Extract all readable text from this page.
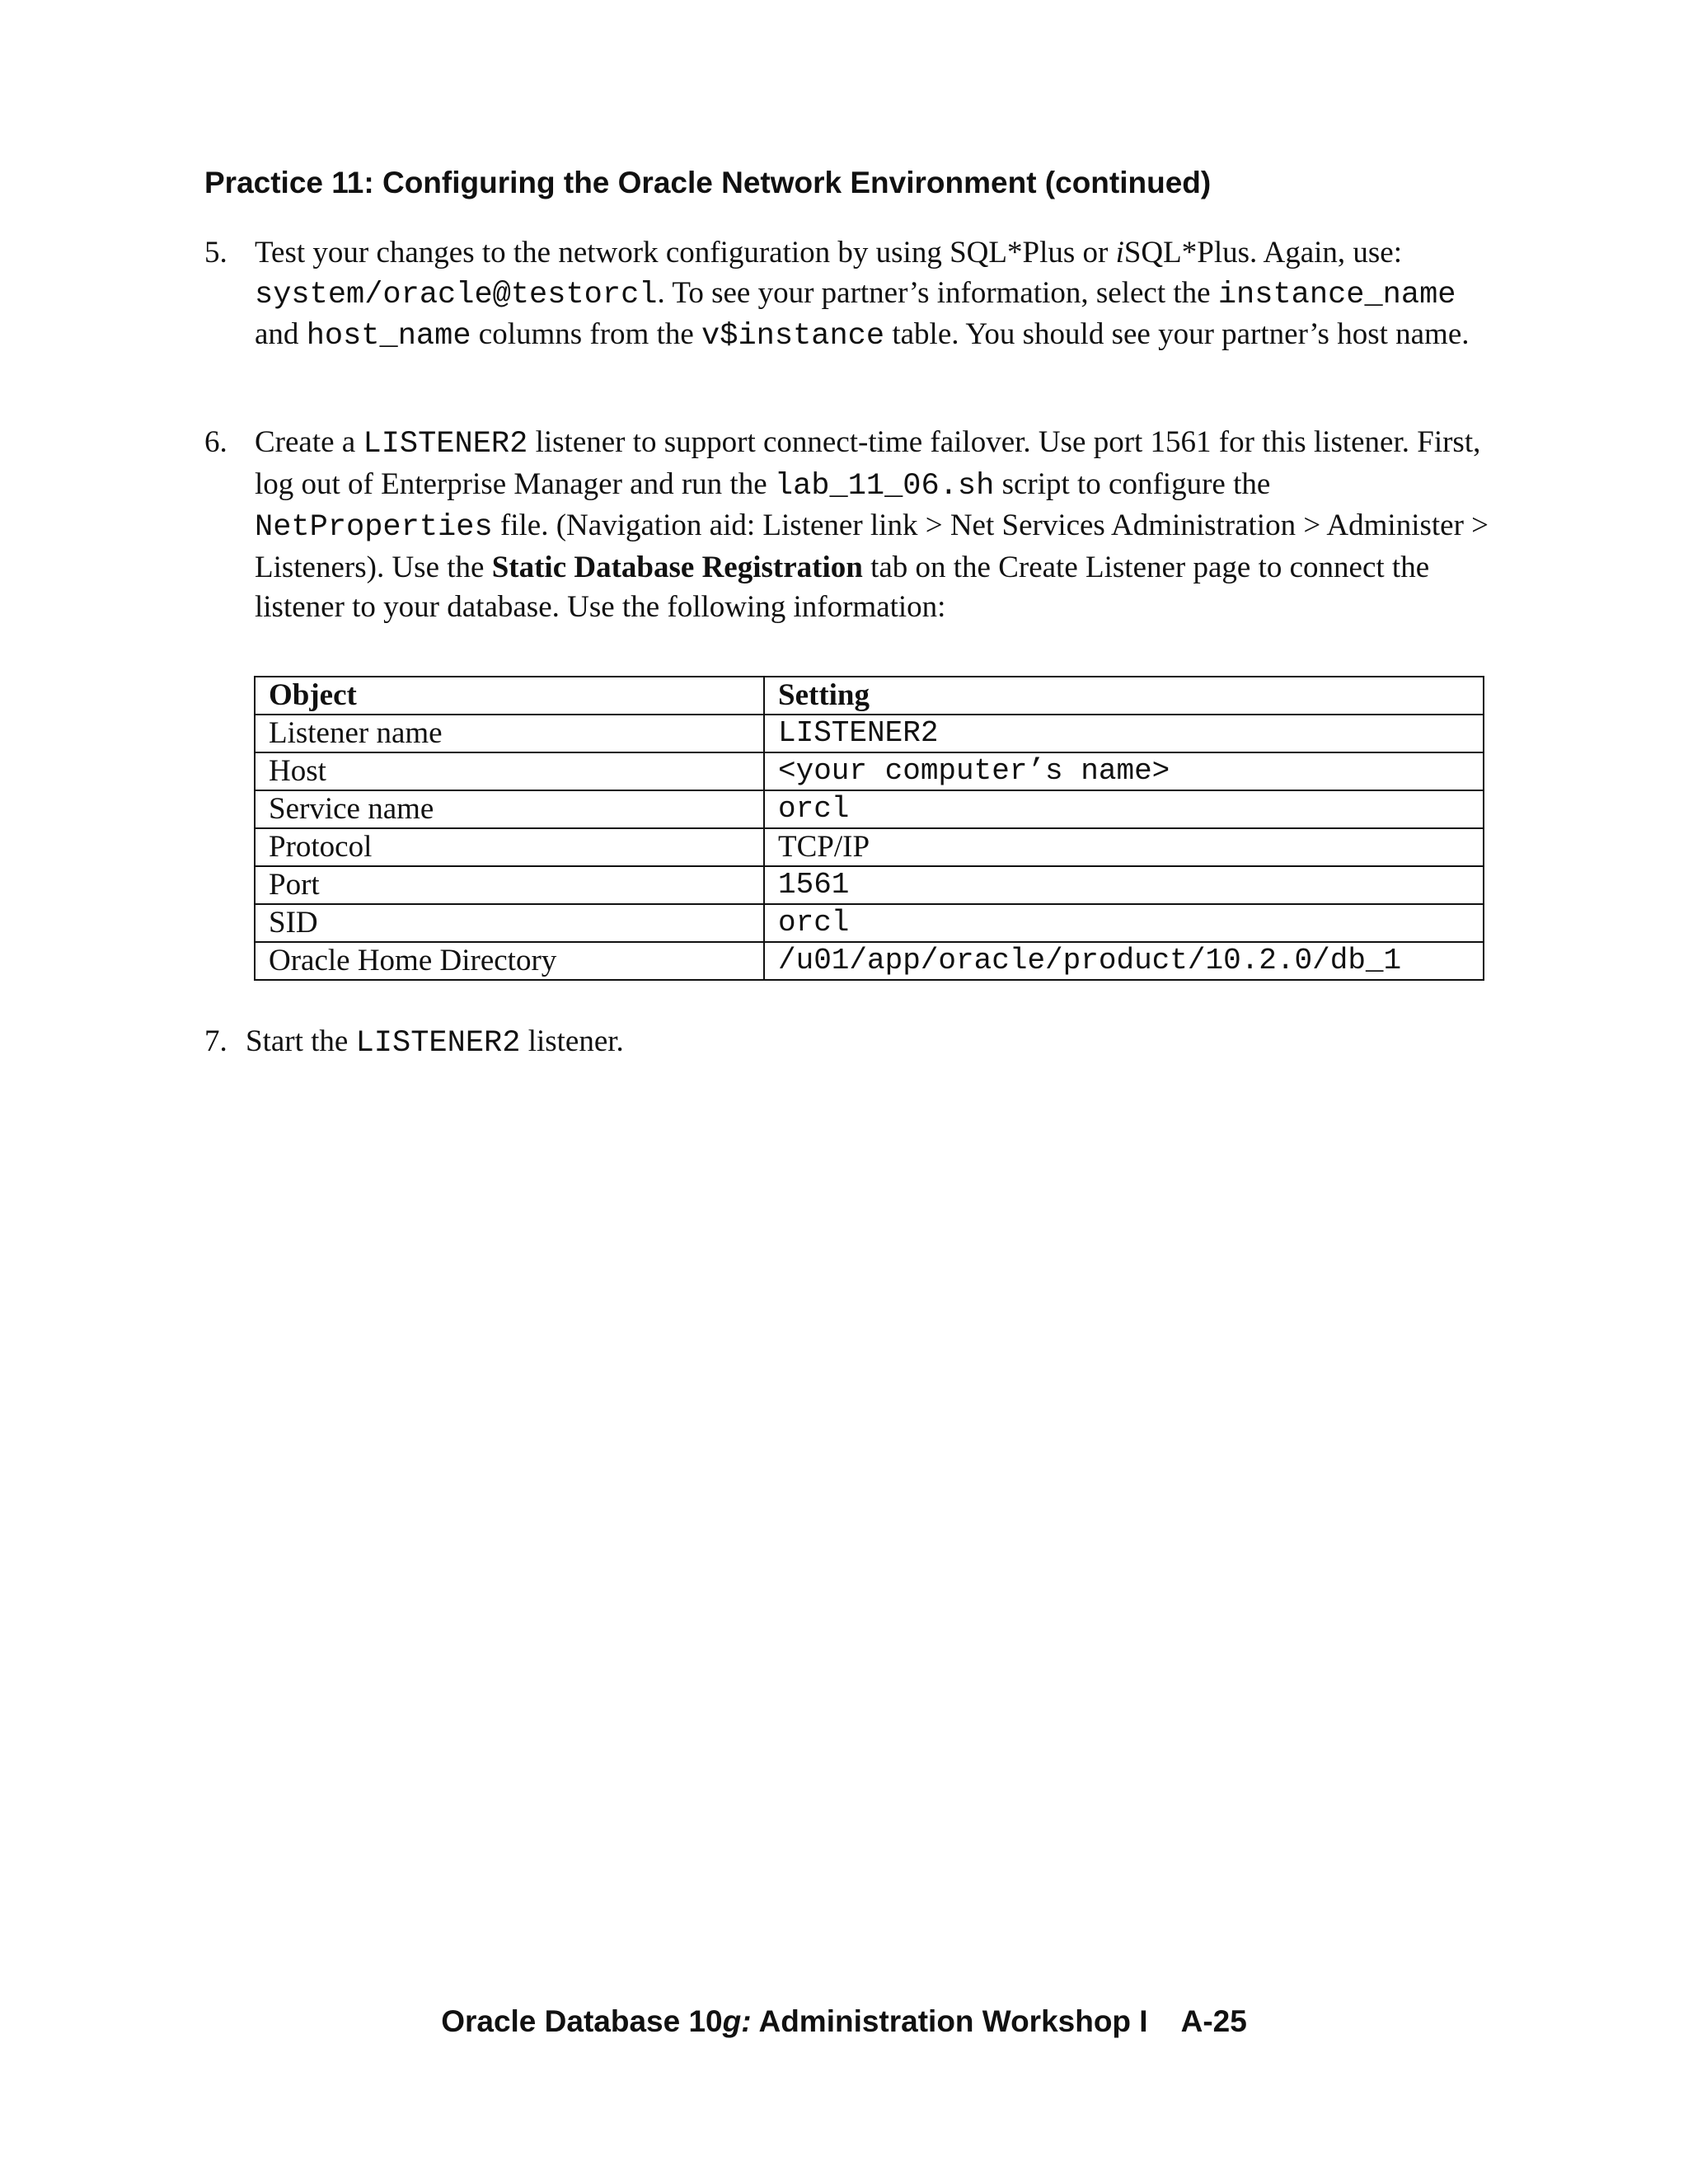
Practice 11: Configuring the Oracle Network Environment (continued)
5. Test your changes to the network configuration by using SQL*Plus or iSQL*Plus. Again, use: system/oracle@testorcl. To see your partner’s information, select the instance_name and host_name columns from the v$instance table. You should see your partner’s host name.
6. Create a LISTENER2 listener to support connect-time failover. Use port 1561 for this listener. First, log out of Enterprise Manager and run the lab_11_06.sh script to configure the NetProperties file. (Navigation aid: Listener link > Net Services Administration > Administer > Listeners). Use the Static Database Registration tab on the Create Listener page to connect the listener to your database. Use the following information:
Object	Setting
Listener name	LISTENER2
Host	<your computer’s name>
Service name	orcl
Protocol	TCP/IP
Port	1561
SID	orcl
Oracle Home Directory	/u01/app/oracle/product/10.2.0/db_1
7. Start the LISTENER2 listener.
Oracle Database 10g: Administration Workshop I A-25
